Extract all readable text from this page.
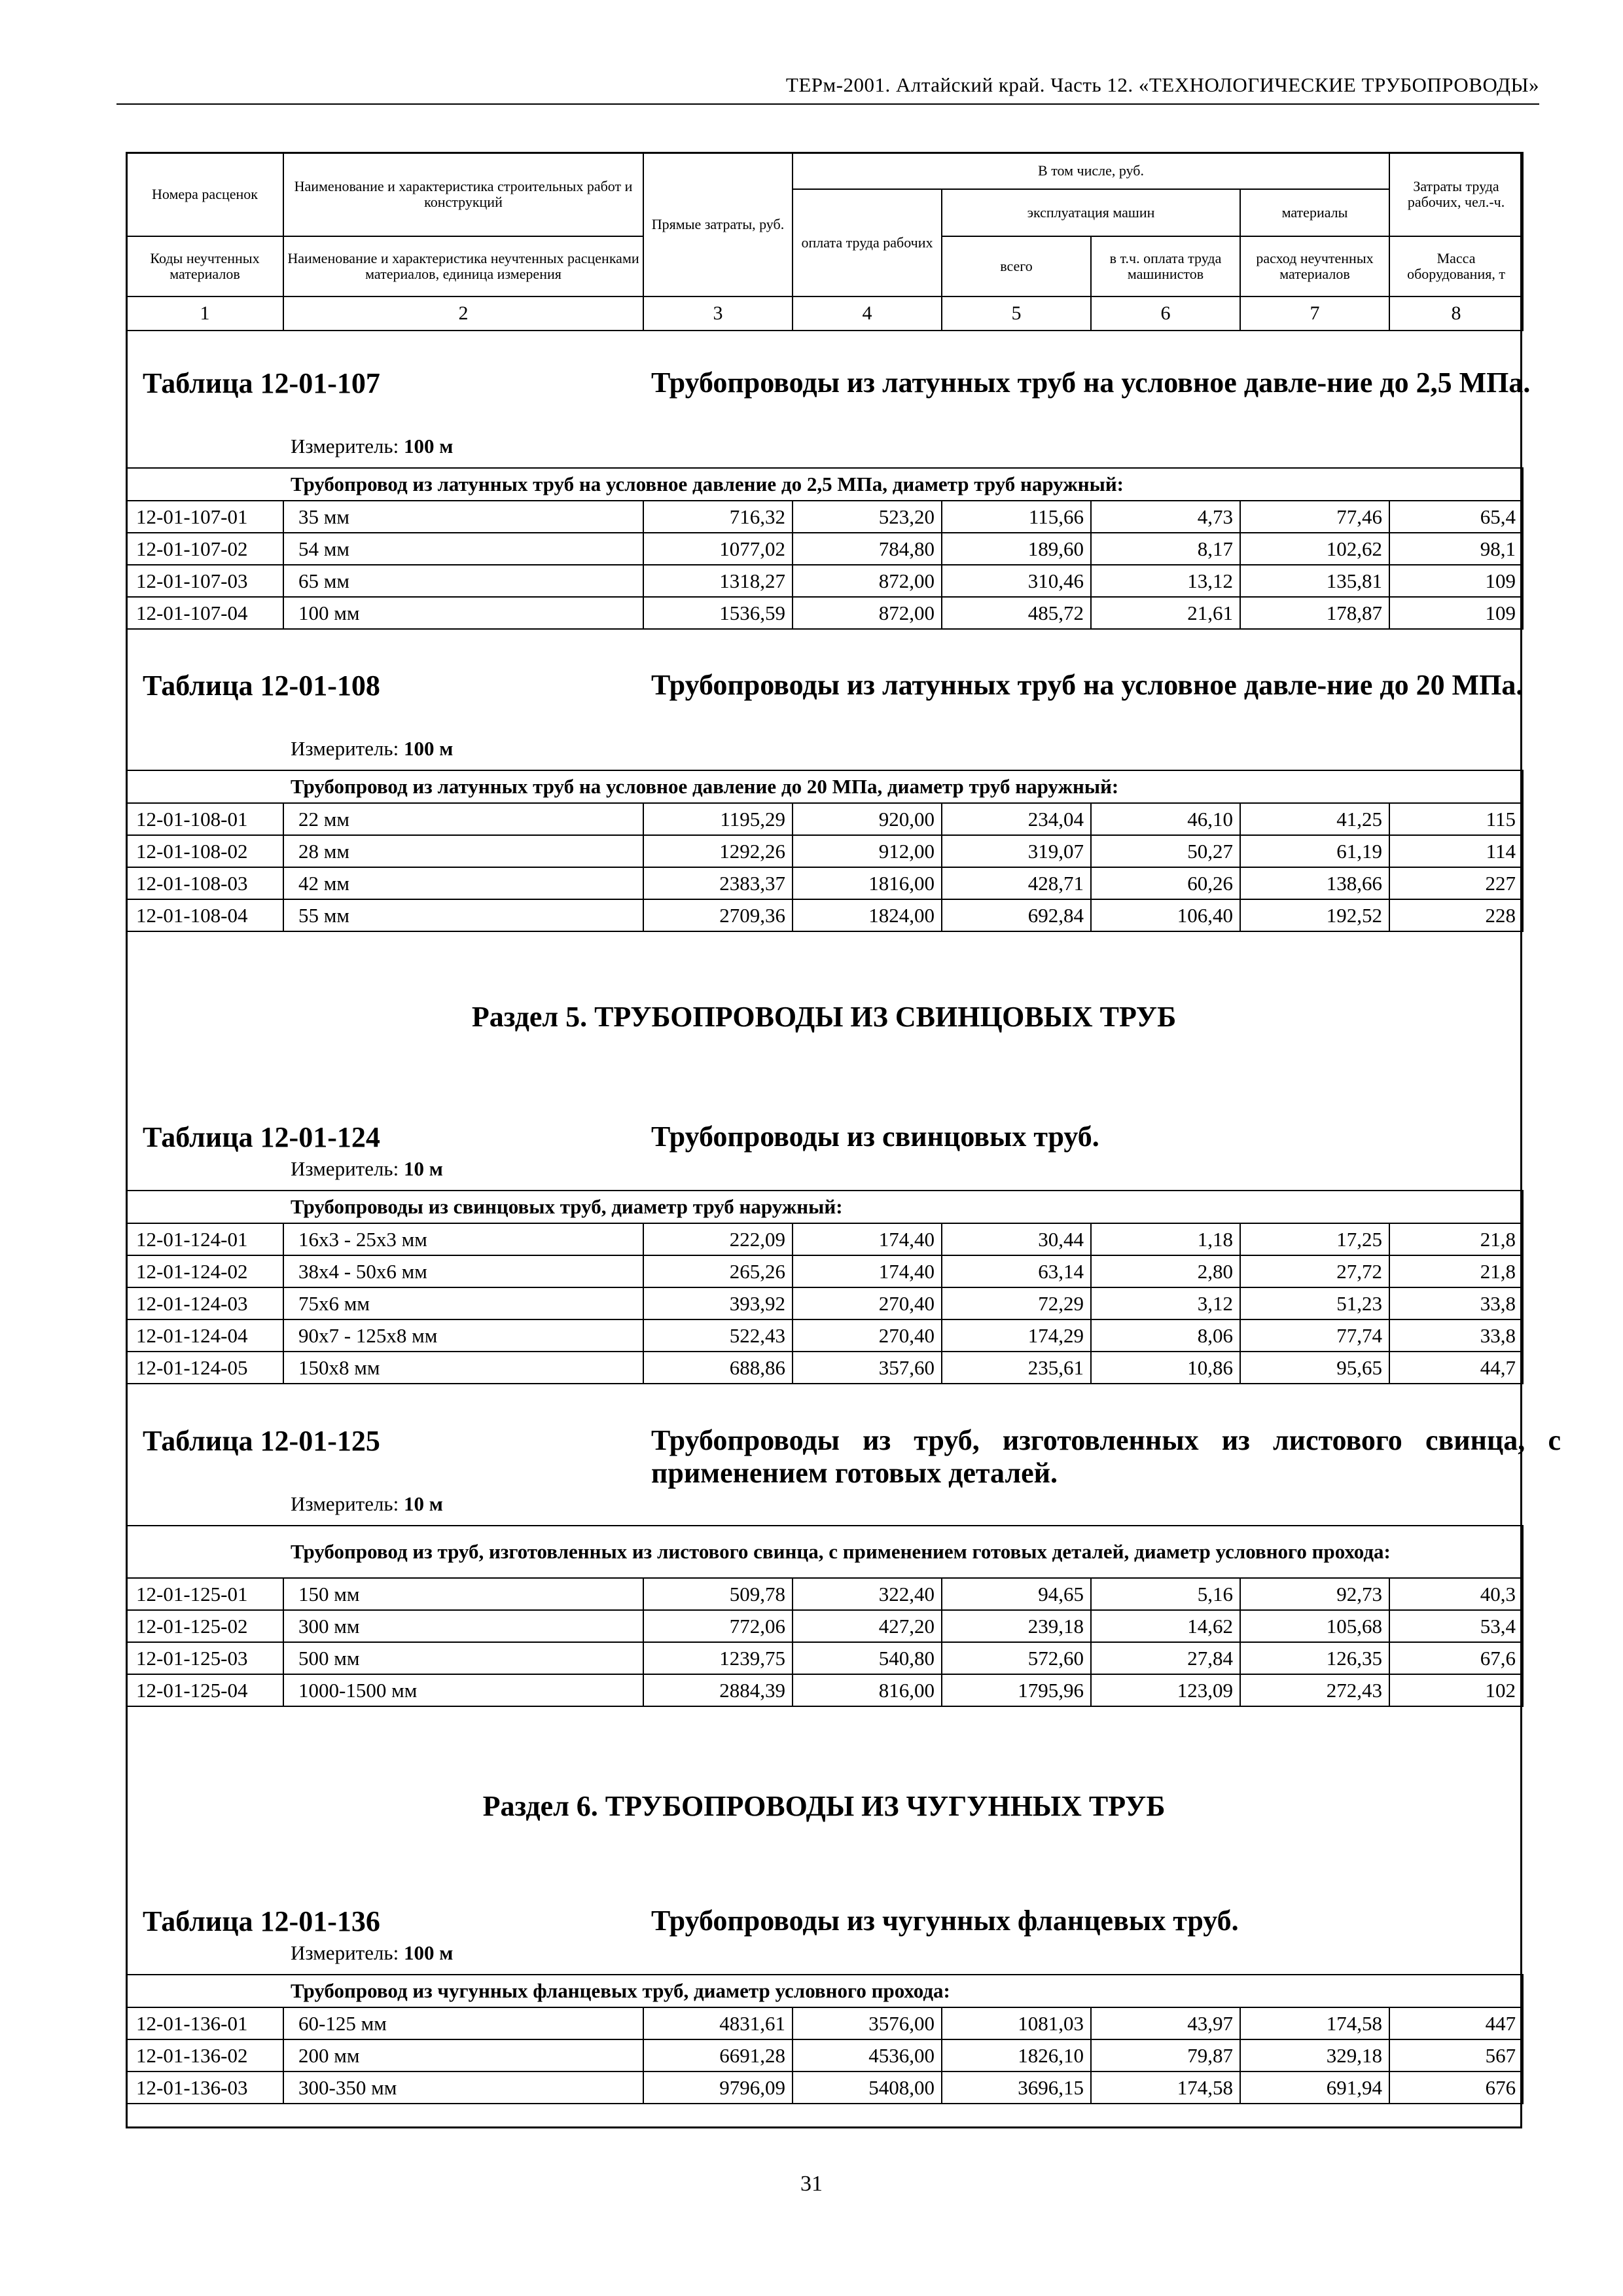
ТЕРм-2001. Алтайский край. Часть 12. «ТЕХНОЛОГИЧЕСКИЕ ТРУБОПРОВОДЫ»
Номера расценок	Наименование и характеристика строительных работ и конструкций	Прямые затраты, руб.	В том числе, руб.				Затраты труда рабочих, чел.-ч.
			оплата труда рабочих	эксплуатация машин		материалы	
Коды неучтенных материалов	Наименование и характеристика неучтенных расценками материалов, единица измерения			всего	в т.ч. оплата труда машинистов	расход неучтенных материалов	Масса оборудования, т
1	2	3	4	5	6	7	8
Таблица 12-01-107	Трубопроводы из латунных труб на условное давле-ние до 2,5 МПа.
Измеритель: 100 м
Трубопровод из латунных труб на условное давление до 2,5 МПа, диаметр труб наружный:							
12-01-107-01	35 мм	716,32	523,20	115,66	4,73	77,46	65,4
12-01-107-02	54 мм	1077,02	784,80	189,60	8,17	102,62	98,1
12-01-107-03	65 мм	1318,27	872,00	310,46	13,12	135,81	109
12-01-107-04	100 мм	1536,59	872,00	485,72	21,61	178,87	109
Таблица 12-01-108	Трубопроводы из латунных труб на условное давле-ние до 20 МПа.
Измеритель: 100 м
Трубопровод из латунных труб на условное давление до 20 МПа, диаметр труб наружный:							
12-01-108-01	22 мм	1195,29	920,00	234,04	46,10	41,25	115
12-01-108-02	28 мм	1292,26	912,00	319,07	50,27	61,19	114
12-01-108-03	42 мм	2383,37	1816,00	428,71	60,26	138,66	227
12-01-108-04	55 мм	2709,36	1824,00	692,84	106,40	192,52	228
Раздел 5. ТРУБОПРОВОДЫ ИЗ СВИНЦОВЫХ ТРУБ
Таблица 12-01-124	Трубопроводы из свинцовых труб.
Измеритель: 10 м
Трубопроводы из свинцовых труб, диаметр труб наружный:							
12-01-124-01	16х3 - 25х3 мм	222,09	174,40	30,44	1,18	17,25	21,8
12-01-124-02	38х4 - 50х6 мм	265,26	174,40	63,14	2,80	27,72	21,8
12-01-124-03	75х6 мм	393,92	270,40	72,29	3,12	51,23	33,8
12-01-124-04	90х7 - 125х8 мм	522,43	270,40	174,29	8,06	77,74	33,8
12-01-124-05	150х8 мм	688,86	357,60	235,61	10,86	95,65	44,7
Таблица 12-01-125	Трубопроводы из труб, изготовленных из листового свинца, с применением готовых деталей.
Измеритель: 10 м
Трубопровод из труб, изготовленных из листового свинца, с применением готовых деталей, диаметр условного прохода:							
12-01-125-01	150 мм	509,78	322,40	94,65	5,16	92,73	40,3
12-01-125-02	300 мм	772,06	427,20	239,18	14,62	105,68	53,4
12-01-125-03	500 мм	1239,75	540,80	572,60	27,84	126,35	67,6
12-01-125-04	1000-1500 мм	2884,39	816,00	1795,96	123,09	272,43	102
Раздел 6. ТРУБОПРОВОДЫ ИЗ ЧУГУННЫХ ТРУБ
Таблица 12-01-136	Трубопроводы из чугунных фланцевых труб.
Измеритель: 100 м
Трубопровод из чугунных фланцевых труб, диаметр условного прохода:							
12-01-136-01	60-125 мм	4831,61	3576,00	1081,03	43,97	174,58	447
12-01-136-02	200 мм	6691,28	4536,00	1826,10	79,87	329,18	567
12-01-136-03	300-350 мм	9796,09	5408,00	3696,15	174,58	691,94	676
31
